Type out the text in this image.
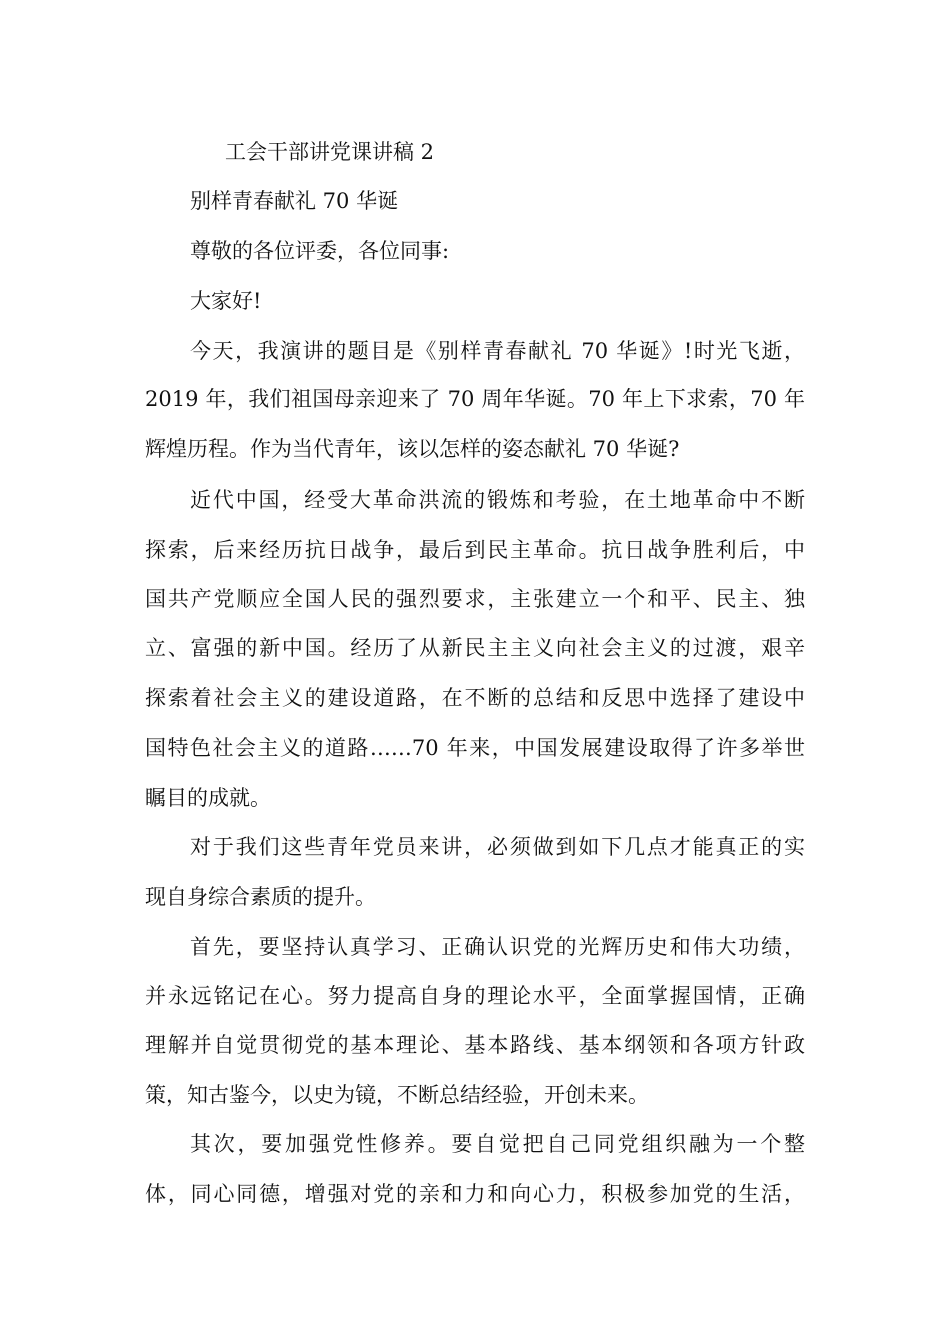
工会干部讲党课讲稿 2

别样青春献礼 70 华诞

尊敬的各位评委，各位同事:

大家好!

今天，我演讲的题目是《别样青春献礼 70 华诞》!时光飞逝，

2019 年，我们祖国母亲迎来了 70 周年华诞。70 年上下求索，70 年

辉煌历程。作为当代青年，该以怎样的姿态献礼 70 华诞?

近代中国，经受大革命洪流的锻炼和考验，在土地革命中不断

探索，后来经历抗日战争，最后到民主革命。抗日战争胜利后，中

国共产党顺应全国人民的强烈要求，主张建立一个和平、民主、独

立、富强的新中国。经历了从新民主主义向社会主义的过渡，艰辛

探索着社会主义的建设道路，在不断的总结和反思中选择了建设中

国特色社会主义的道路……70 年来，中国发展建设取得了许多举世

瞩目的成就。

对于我们这些青年党员来讲，必须做到如下几点才能真正的实

现自身综合素质的提升。

首先，要坚持认真学习、正确认识党的光辉历史和伟大功绩，

并永远铭记在心。努力提高自身的理论水平，全面掌握国情，正确

理解并自觉贯彻党的基本理论、基本路线、基本纲领和各项方针政

策，知古鉴今，以史为镜，不断总结经验，开创未来。

其次，要加强党性修养。要自觉把自己同党组织融为一个整

体，同心同德，增强对党的亲和力和向心力，积极参加党的生活，
